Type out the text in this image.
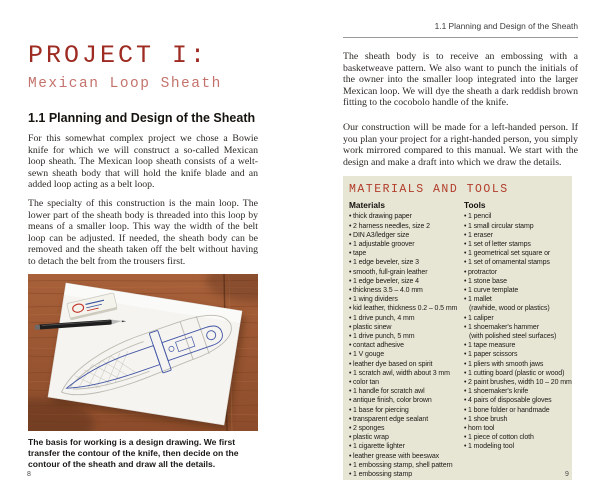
PROJECT I:
Mexican Loop Sheath
1.1 Planning and Design of the Sheath

For this somewhat complex project we chose a Bowie knife for which we will construct a so-called Mexican loop sheath. The Mexican loop sheath consists of a welt-sewn sheath body that will hold the knife blade and an added loop acting as a belt loop.

The specialty of this construction is the main loop. The lower part of the sheath body is threaded into this loop by means of a smaller loop. This way the width of the belt loop can be adjusted. If needed, the sheath body can be removed and the sheath taken off the belt without having to detach the belt from the trousers first.

The basis for working is a design drawing. We first transfer the contour of the knife, then decide on the contour of the sheath and draw all the details.
1.1 Planning and Design of the Sheath

The sheath body is to receive an embossing with a basketweave pattern. We also want to punch the initials of the owner into the smaller loop integrated into the larger Mexican loop. We will dye the sheath a dark reddish brown fitting to the cocobolo handle of the knife.

Our construction will be made for a left-handed person. If you plan your project for a right-handed person, you simply work mirrored compared to this manual. We start with the design and make a draft into which we draw the details.

MATERIALS AND TOOLS
Materials
• thick drawing paper
• 2 harness needles, size 2
• DIN A3/ledger size
• 1 adjustable groover
• tape
• 1 edge beveler, size 3
• smooth, full-grain leather
• 1 edge beveler, size 4
• thickness 3.5 – 4.0 mm
• 1 wing dividers
• kid leather, thickness 0.2 – 0.5 mm
• 1 drive punch, 4 mm
• plastic sinew
• 1 drive punch, 5 mm
• contact adhesive
• 1 V gouge
• leather dye based on spirit
• 1 scratch awl, width about 3 mm
• color tan
• 1 handle for scratch awl
• antique finish, color brown
• 1 base for piercing
• transparent edge sealant
• 2 sponges
• plastic wrap
• 1 cigarette lighter
• leather grease with beeswax
• 1 embossing stamp, shell pattern
• 1 embossing stamp
Tools
• 1 pencil
• 1 small circular stamp
• 1 eraser
• 1 set of letter stamps
• 1 geometrical set square or
• 1 set of ornamental stamps
• protractor
• 1 stone base
• 1 curve template
• 1 mallet
(rawhide, wood or plastics)
• 1 caliper
• 1 shoemaker's hammer
(with polished steel surfaces)
• 1 tape measure
• 1 paper scissors
• 1 pliers with smooth jaws
• 1 cutting board (plastic or wood)
• 2 paint brushes, width 10 – 20 mm
• 1 shoemaker's knife
• 4 pairs of disposable gloves
• 1 bone folder or handmade
• 1 shoe brush
• horn tool
• 1 piece of cotton cloth
• 1 modeling tool
8	9
